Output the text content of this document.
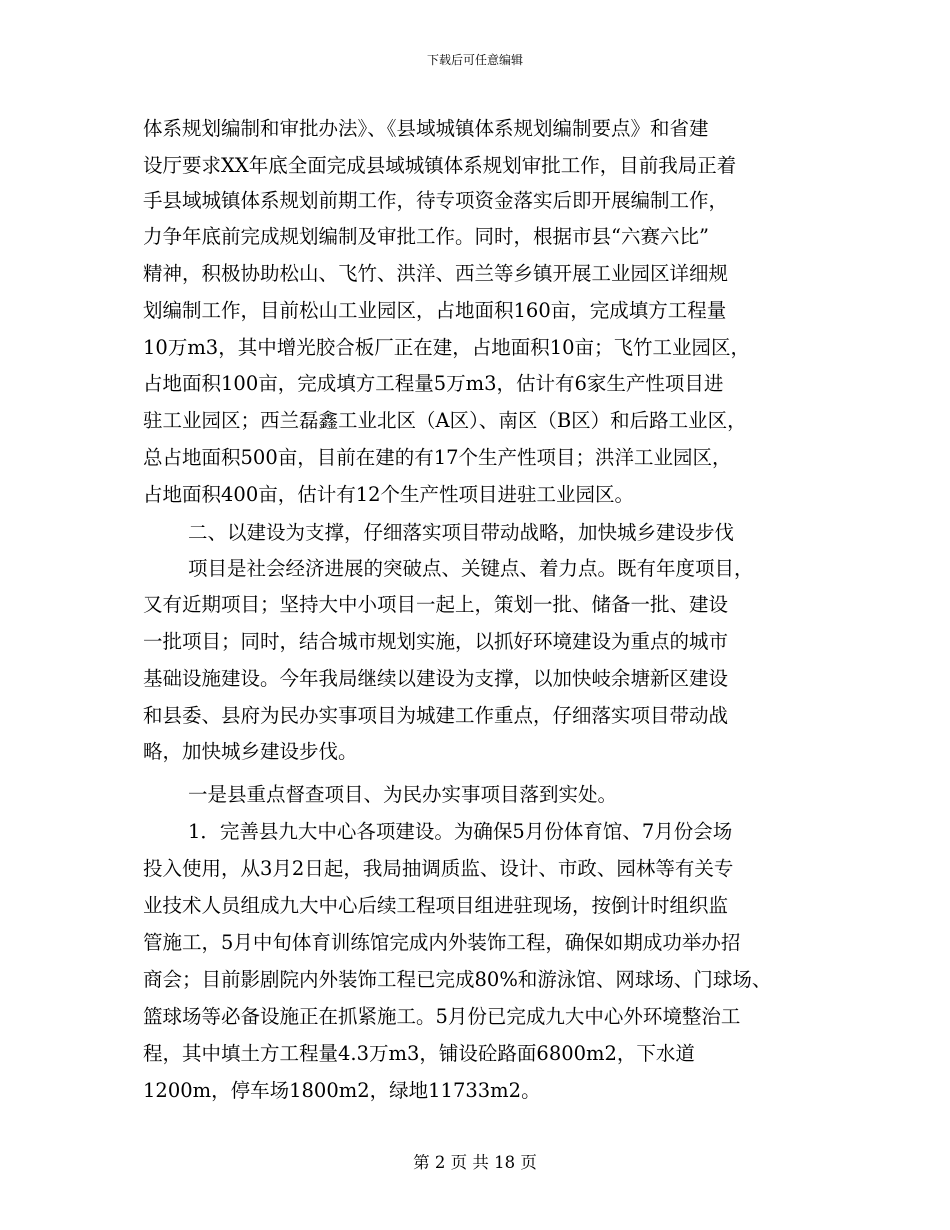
下载后可任意编辑
体系规划编制和审批办法》、《县域城镇体系规划编制要点》和省建
设厅要求XX年底全面完成县域城镇体系规划审批工作，目前我局正着
手县域城镇体系规划前期工作，待专项资金落实后即开展编制工作，
力争年底前完成规划编制及审批工作。同时，根据市县“六赛六比”
精神，积极协助松山、飞竹、洪洋、西兰等乡镇开展工业园区详细规
划编制工作，目前松山工业园区，占地面积160亩，完成填方工程量
10万m3，其中增光胶合板厂正在建，占地面积10亩；飞竹工业园区，
占地面积100亩，完成填方工程量5万m3，估计有6家生产性项目进
驻工业园区；西兰磊鑫工业北区（A区）、南区（B区）和后路工业区，
总占地面积500亩，目前在建的有17个生产性项目；洪洋工业园区，
占地面积400亩，估计有12个生产性项目进驻工业园区。
二、以建设为支撑，仔细落实项目带动战略，加快城乡建设步伐
项目是社会经济进展的突破点、关键点、着力点。既有年度项目，
又有近期项目；坚持大中小项目一起上，策划一批、储备一批、建设
一批项目；同时，结合城市规划实施，以抓好环境建设为重点的城市
基础设施建设。今年我局继续以建设为支撑，以加快岐余塘新区建设
和县委、县府为民办实事项目为城建工作重点，仔细落实项目带动战
略，加快城乡建设步伐。
一是县重点督查项目、为民办实事项目落到实处。
1．完善县九大中心各项建设。为确保5月份体育馆、7月份会场
投入使用，从3月2日起，我局抽调质监、设计、市政、园林等有关专
业技术人员组成九大中心后续工程项目组进驻现场，按倒计时组织监
管施工，5月中旬体育训练馆完成内外装饰工程，确保如期成功举办招
商会；目前影剧院内外装饰工程已完成80%和游泳馆、网球场、门球场、
篮球场等必备设施正在抓紧施工。5月份已完成九大中心外环境整治工
程，其中填土方工程量4.3万m3，铺设砼路面6800m2，下水道
1200m，停车场1800m2，绿地11733m2。
第 2 页 共 18 页
